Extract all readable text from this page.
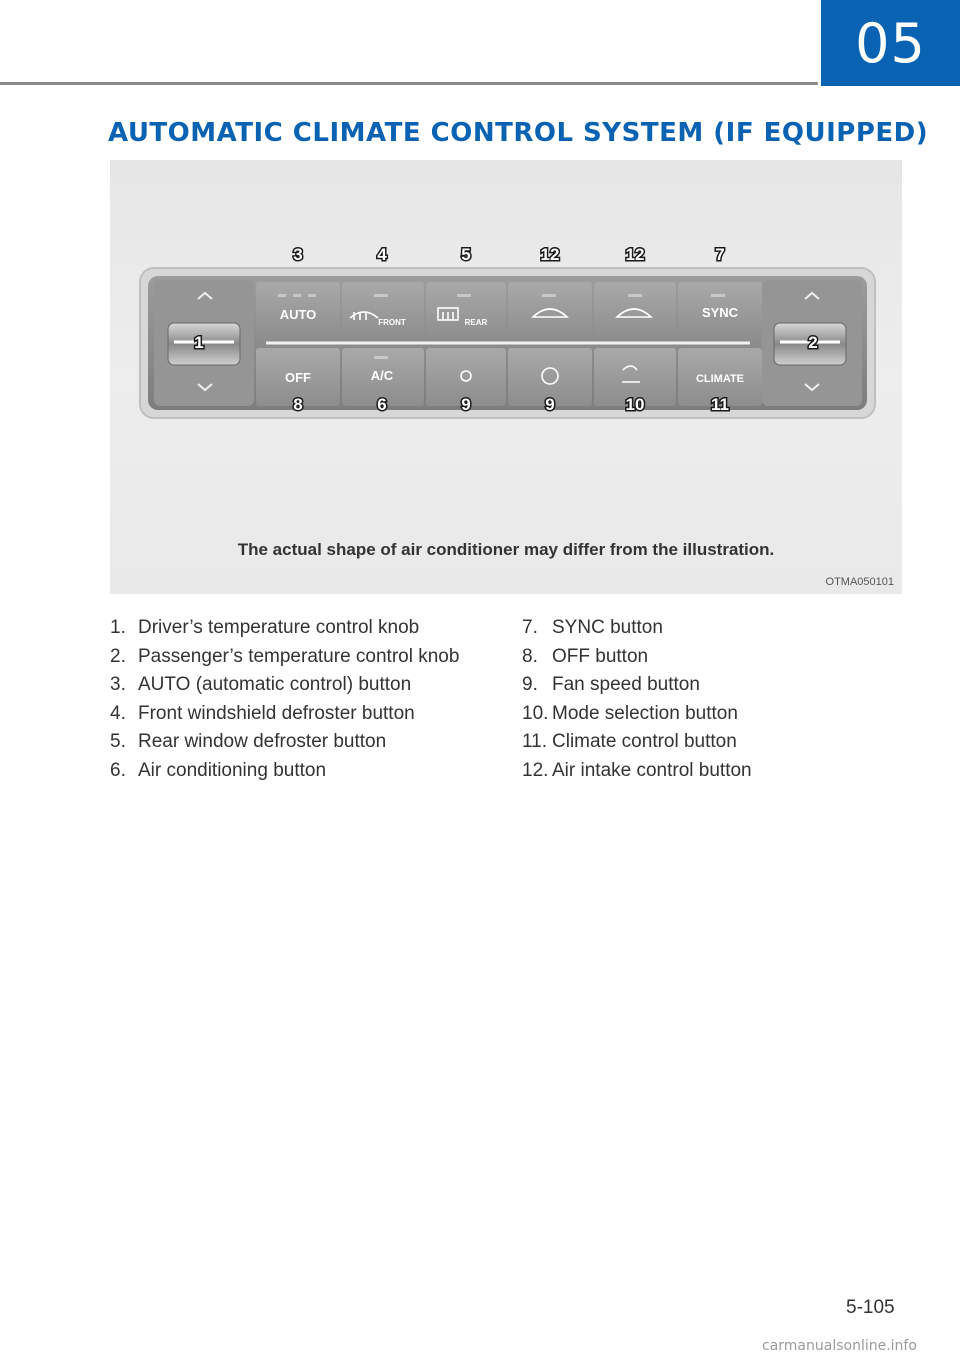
05
AUTOMATIC CLIMATE CONTROL SYSTEM (IF EQUIPPED)
AUTO
FRONT	REAR
SYNC
OFF	A/C	CLIMATE
1	2
3	4	5	12	12	7
8	6	9	9	10	11
The actual shape of air conditioner may differ from the illustration.
OTMA050101
1. Driver’s temperature control knob
2. Passenger’s temperature control knob
3. AUTO (automatic control) button
4. Front windshield defroster button
5. Rear window defroster button
6. Air conditioning button
7. SYNC button
8. OFF button
9. Fan speed button
10. Mode selection button
11. Climate control button
12. Air intake control button
5-105
carmanualsonline.info
